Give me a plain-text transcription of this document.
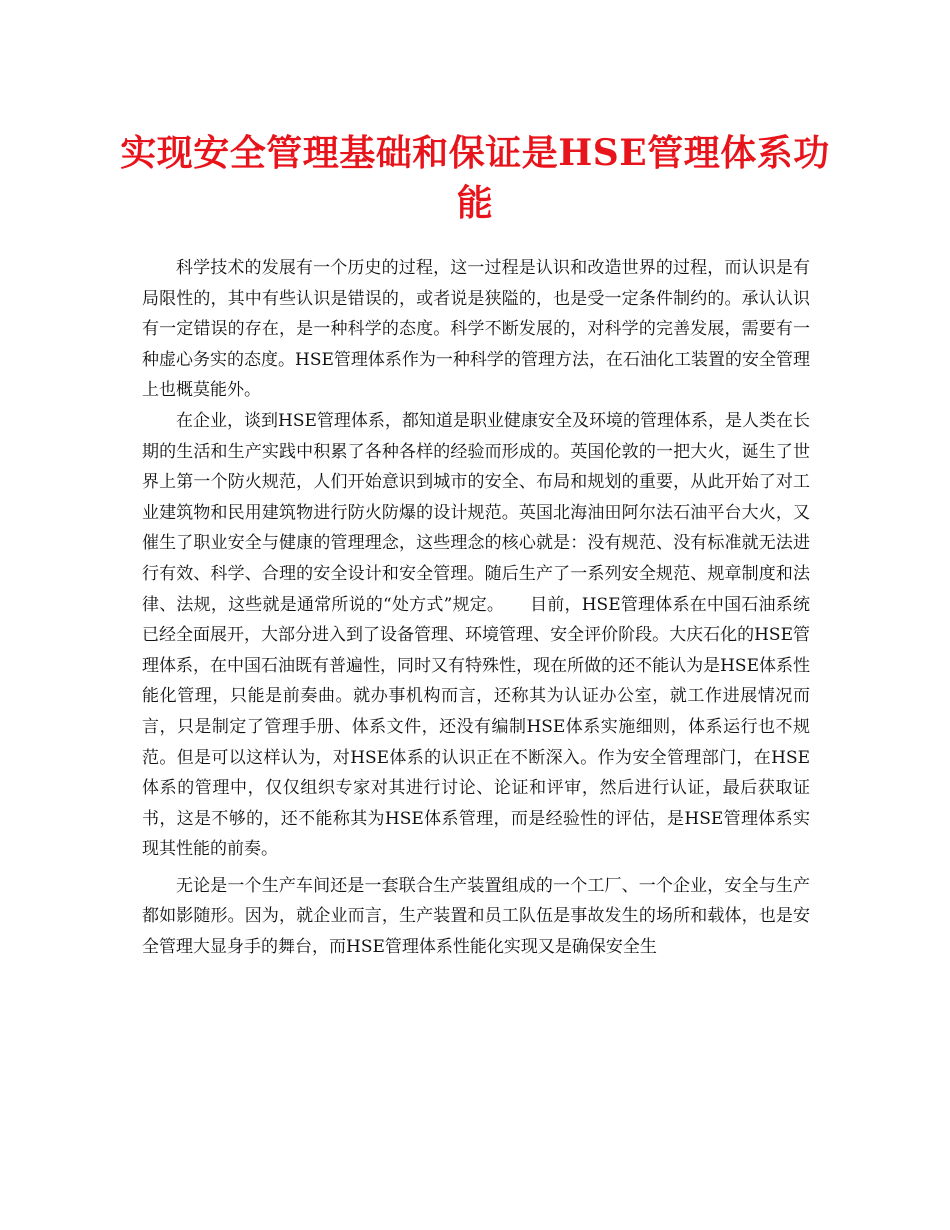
实现安全管理基础和保证是HSE管理体系功能

科学技术的发展有一个历史的过程，这一过程是认识和改造世界的过程，而认识是有局限性的，其中有些认识是错误的，或者说是狭隘的，也是受一定条件制约的。承认认识有一定错误的存在，是一种科学的态度。科学不断发展的，对科学的完善发展，需要有一种虚心务实的态度。HSE管理体系作为一种科学的管理方法，在石油化工装置的安全管理上也概莫能外。

在企业，谈到HSE管理体系，都知道是职业健康安全及环境的管理体系，是人类在长期的生活和生产实践中积累了各种各样的经验而形成的。英国伦敦的一把大火，诞生了世界上第一个防火规范，人们开始意识到城市的安全、布局和规划的重要，从此开始了对工业建筑物和民用建筑物进行防火防爆的设计规范。英国北海油田阿尔法石油平台大火，又催生了职业安全与健康的管理理念，这些理念的核心就是：没有规范、没有标准就无法进行有效、科学、合理的安全设计和安全管理。随后生产了一系列安全规范、规章制度和法律、法规，这些就是通常所说的“处方式”规定。　　目前，HSE管理体系在中国石油系统已经全面展开，大部分进入到了设备管理、环境管理、安全评价阶段。大庆石化的HSE管理体系，在中国石油既有普遍性，同时又有特殊性，现在所做的还不能认为是HSE体系性能化管理，只能是前奏曲。就办事机构而言，还称其为认证办公室，就工作进展情况而言，只是制定了管理手册、体系文件，还没有编制HSE体系实施细则，体系运行也不规范。但是可以这样认为，对HSE体系的认识正在不断深入。作为安全管理部门，在HSE体系的管理中，仅仅组织专家对其进行讨论、论证和评审，然后进行认证，最后获取证书，这是不够的，还不能称其为HSE体系管理，而是经验性的评估，是HSE管理体系实现其性能的前奏。

无论是一个生产车间还是一套联合生产装置组成的一个工厂、一个企业，安全与生产都如影随形。因为，就企业而言，生产装置和员工队伍是事故发生的场所和载体，也是安全管理大显身手的舞台，而HSE管理体系性能化实现又是确保安全生
